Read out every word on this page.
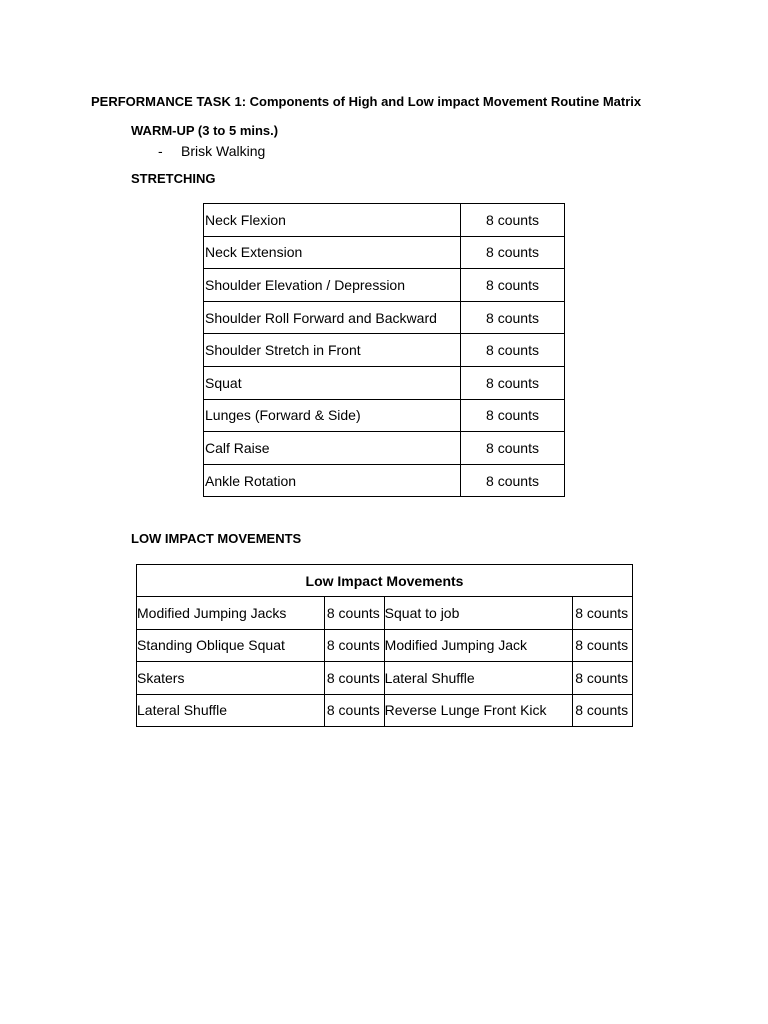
PERFORMANCE TASK 1: Components of High and Low impact Movement Routine Matrix
WARM-UP (3 to 5 mins.)
- Brisk Walking
STRETCHING
Neck Flexion	8 counts
Neck Extension	8 counts
Shoulder Elevation / Depression	8 counts
Shoulder Roll Forward and Backward	8 counts
Shoulder Stretch in Front	8 counts
Squat	8 counts
Lunges (Forward & Side)	8 counts
Calf Raise	8 counts
Ankle Rotation	8 counts
LOW IMPACT MOVEMENTS
Low Impact Movements			
Modified Jumping Jacks	8 counts	Squat to job	8 counts
Standing Oblique Squat	8 counts	Modified Jumping Jack	8 counts
Skaters	8 counts	Lateral Shuffle	8 counts
Lateral Shuffle	8 counts	Reverse Lunge Front Kick	8 counts
